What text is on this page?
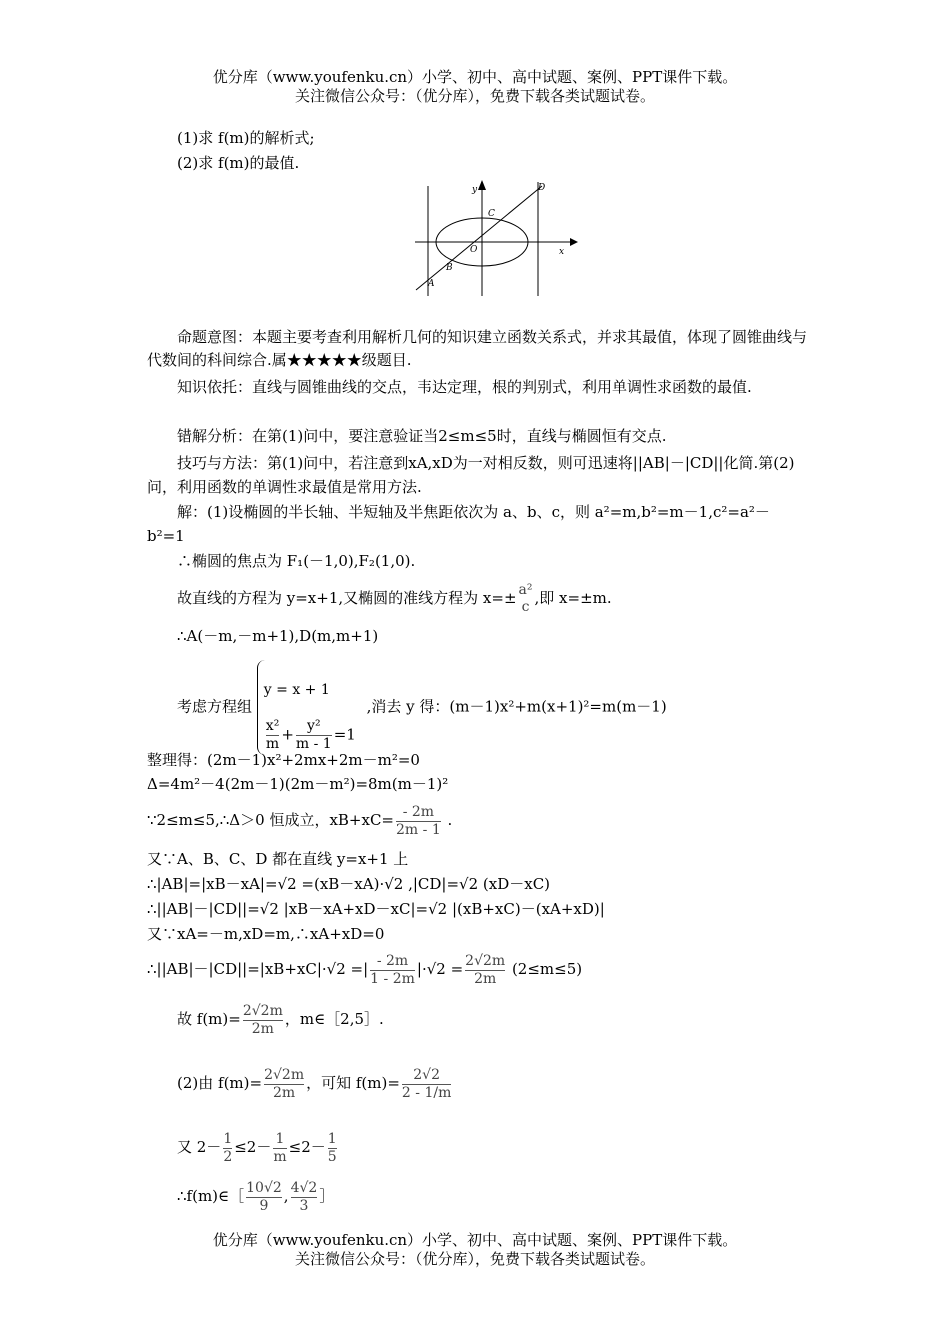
优分库（www.youfenku.cn）小学、初中、高中试题、案例、PPT课件下载。
关注微信公众号：（优分库），免费下载各类试题试卷。
(1)求 f(m)的解析式;
(2)求 f(m)的最值.
y
x
O
A
B
C
D
命题意图：本题主要考查利用解析几何的知识建立函数关系式，并求其最值，体现了圆锥曲线与代数间的科间综合.属★★★★★级题目.
知识依托：直线与圆锥曲线的交点，韦达定理，根的判别式，利用单调性求函数的最值.
错解分析：在第(1)问中，要注意验证当2≤m≤5时，直线与椭圆恒有交点.
技巧与方法：第(1)问中，若注意到xA,xD为一对相反数，则可迅速将||AB|－|CD||化简.第(2)问，利用函数的单调性求最值是常用方法.
解：(1)设椭圆的半长轴、半短轴及半焦距依次为 a、b、c，则 a²=m,b²=m－1,c²=a²－b²=1
∴椭圆的焦点为 F₁(－1,0),F₂(1,0).
故直线的方程为 y=x+1,又椭圆的准线方程为 x=± a²
c ,即 x=±m.
∴A(－m,－m+1),D(m,m+1)
考虑方程组
y = x + 1
$\frac{\text{x²}}{m} + \frac{\text{y²}}{m - 1} =1$
,消去 y 得：(m－1)x²+m(x+1)²=m(m－1)
整理得：(2m－1)x²+2mx+2m－m²=0
Δ=4m²－4(2m－1)(2m－m²)=8m(m－1)²
∵2≤m≤5,∴Δ＞0 恒成立，$xB+xC= \frac{- 2m}{2m - 1}$ .
又∵A、B、C、D 都在直线 y=x+1 上
∴|AB|=|xB－xA|=√2 =(xB－xA)·√2 ,|CD|=√2 (xD－xC)
∴||AB|－|CD||=√2 |xB－xA+xD－xC|=√2 |(xB+xC)－(xA+xD)|
又∵xA=－m,xD=m,∴xA+xD=0
∴||AB|－|CD||=|xB+xC|·√2 =| $\frac{- 2m}{1 - 2m} |\cdot√2 = \frac{2√2m}{2m} (2\le m\le 5)$
故 $f(m)= \frac{2√2m}{2m}$ ，m∈［2,5］.
(2)由 $f(m)= \frac{2√2m}{2m}$ ，可知 $f(m)= \frac{2√2}{2 - 1/m}$
又 $2- \frac{1}{2} \le 2- \frac{1}{m} \le 2- \frac{1}{5}$
∴f(m)∈［ $\frac{10√2}{9}$ , $\frac{4√2}{3}$ ］
优分库（www.youfenku.cn）小学、初中、高中试题、案例、PPT课件下载。
关注微信公众号：（优分库），免费下载各类试题试卷。
